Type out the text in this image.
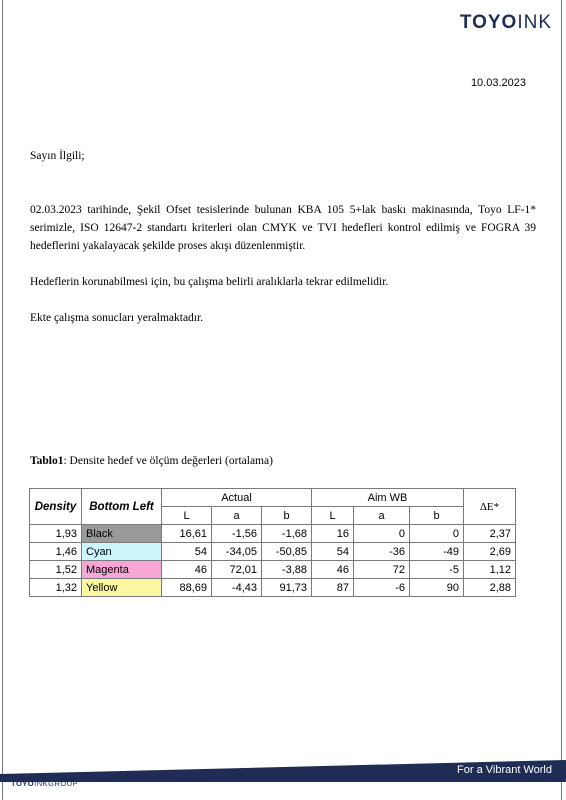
TOYOINK
10.03.2023
Sayın İlgili;
02.03.2023 tarihinde, Şekil Ofset tesislerinde bulunan KBA 105 5+lak baskı makinasında, Toyo LF-1* serimizle, ISO 12647-2 standartı kriterleri olan CMYK ve TVI hedefleri kontrol edilmiş ve FOGRA 39 hedeflerini yakalayacak şekilde proses akışı düzenlenmiştir.
Hedeflerin korunabilmesi için, bu çalışma belirli aralıklarla tekrar edilmelidir.
Ekte çalışma sonucları yeralmaktadır.
Tablo1: Densite hedef ve ölçüm değerleri (ortalama)
Density	Bottom Left	Actual			Aim WB			ΔE*
		L	a	b	L	a	b	
1,93	Black	16,61	-1,56	-1,68	16	0	0	2,37
1,46	Cyan	54	-34,05	-50,85	54	-36	-49	2,69
1,52	Magenta	46	72,01	-3,88	46	72	-5	1,12
1,32	Yellow	88,69	-4,43	91,73	87	-6	90	2,88
For a Vibrant World
TOYOINKGROUP
